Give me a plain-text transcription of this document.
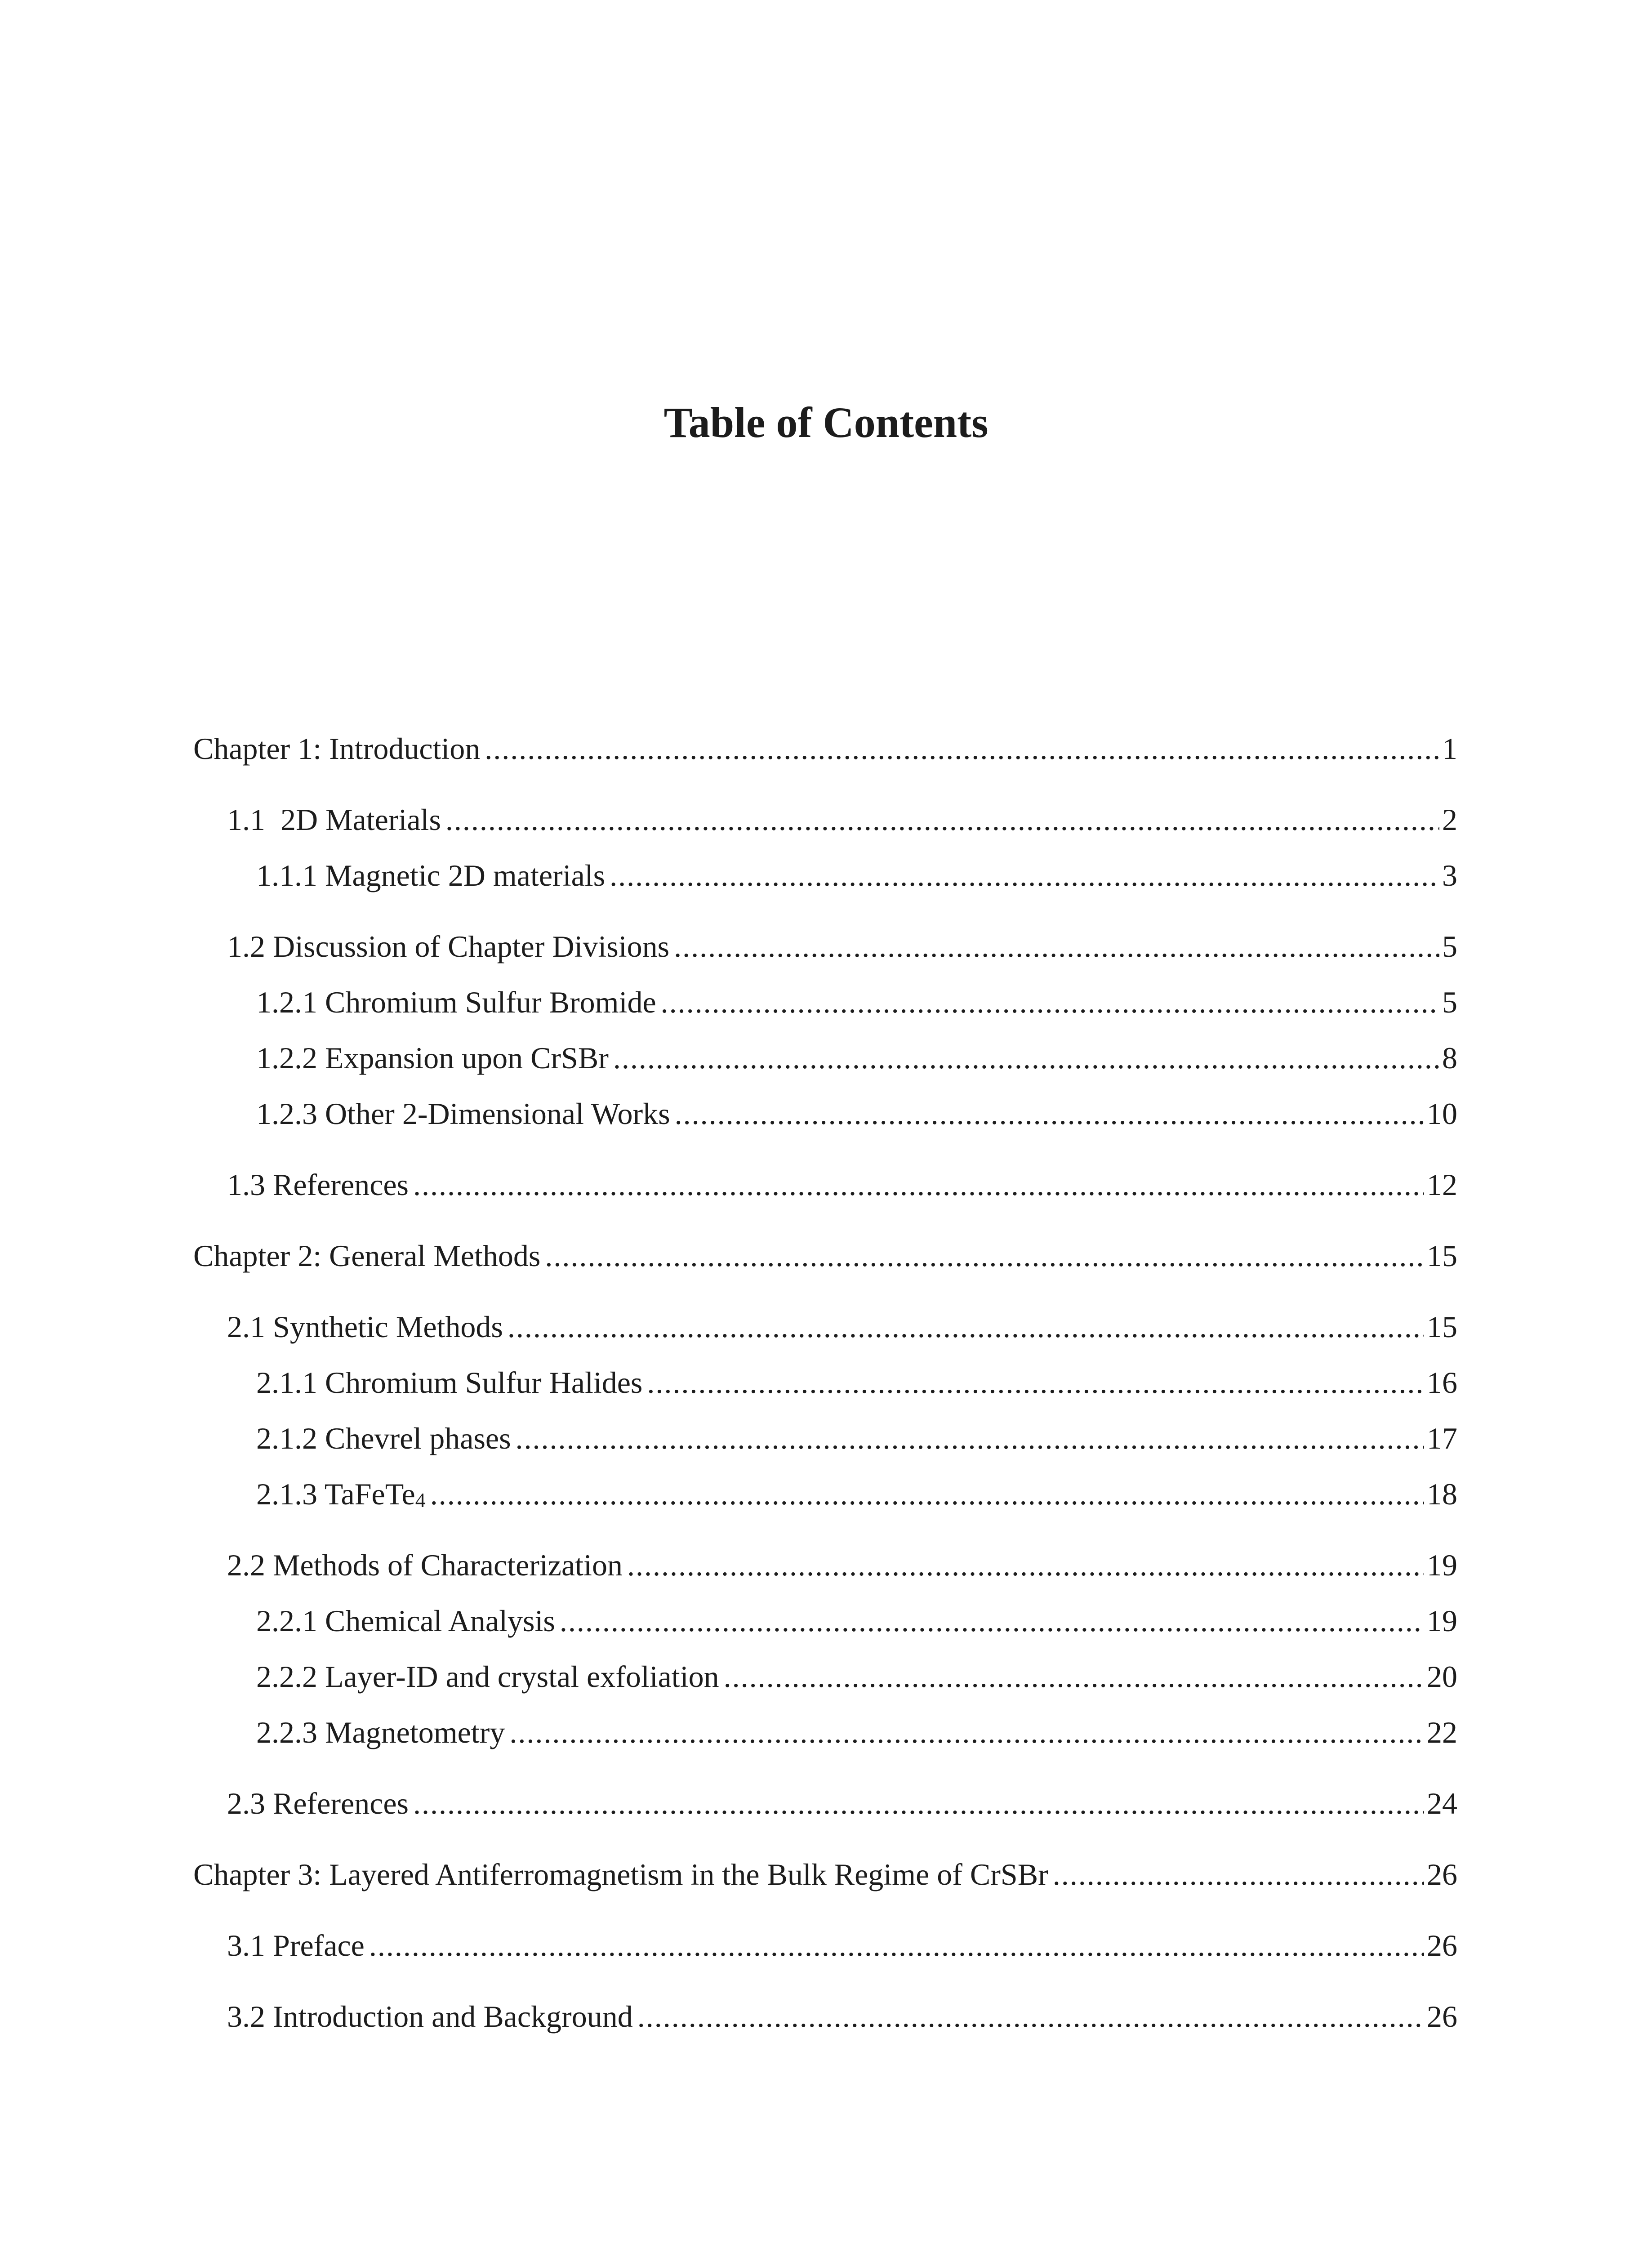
Table of Contents
Chapter 1: Introduction .....	1
1.1  2D Materials .....	2
1.1.1 Magnetic 2D materials .....	3
1.2 Discussion of Chapter Divisions .....	5
1.2.1 Chromium Sulfur Bromide .....	5
1.2.2 Expansion upon CrSBr .....	8
1.2.3 Other 2-Dimensional Works .....	10
1.3 References .....	12
Chapter 2: General Methods .....	15
2.1 Synthetic Methods .....	15
2.1.1 Chromium Sulfur Halides .....	16
2.1.2 Chevrel phases .....	17
2.1.3 TaFeTe4 .....	18
2.2 Methods of Characterization .....	19
2.2.1 Chemical Analysis .....	19
2.2.2 Layer-ID and crystal exfoliation .....	20
2.2.3 Magnetometry .....	22
2.3 References .....	24
Chapter 3: Layered Antiferromagnetism in the Bulk Regime of CrSBr .....	26
3.1 Preface .....	26
3.2 Introduction and Background .....	26
